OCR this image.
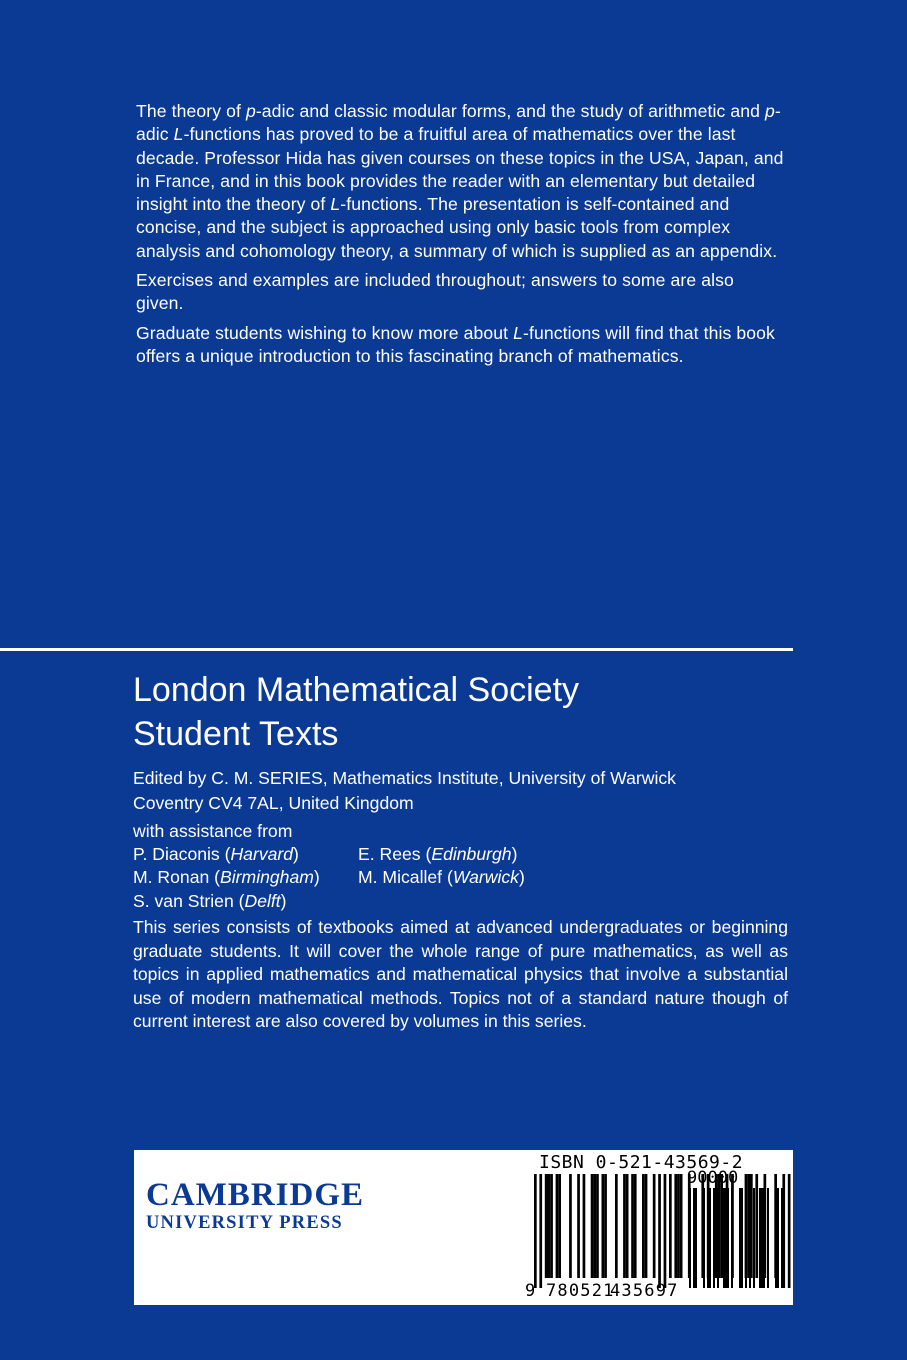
The theory of p-adic and classic modular forms, and the study of arithmetic and p-adic L-functions has proved to be a fruitful area of mathematics over the last decade. Professor Hida has given courses on these topics in the USA, Japan, and in France, and in this book provides the reader with an elementary but detailed insight into the theory of L-functions. The presentation is self-contained and concise, and the subject is approached using only basic tools from complex analysis and cohomology theory, a summary of which is supplied as an appendix.

Exercises and examples are included throughout; answers to some are also given.

Graduate students wishing to know more about L-functions will find that this book offers a unique introduction to this fascinating branch of mathematics.

London Mathematical Society
Student Texts
Edited by C. M. SERIES, Mathematics Institute, University of Warwick
Coventry CV4 7AL, United Kingdom
with assistance from
P. Diaconis (Harvard)	E. Rees (Edinburgh)
M. Ronan (Birmingham)	M. Micallef (Warwick)
S. van Strien (Delft)
This series consists of textbooks aimed at advanced undergraduates or beginning graduate students. It will cover the whole range of pure mathematics, as well as topics in applied mathematics and mathematical physics that involve a substantial use of modern mathematical methods. Topics not of a standard nature though of current interest are also covered by volumes in this series.
CAMBRIDGE
UNIVERSITY PRESS
ISBN 0-521-43569-2
90000
9 780521
435697
